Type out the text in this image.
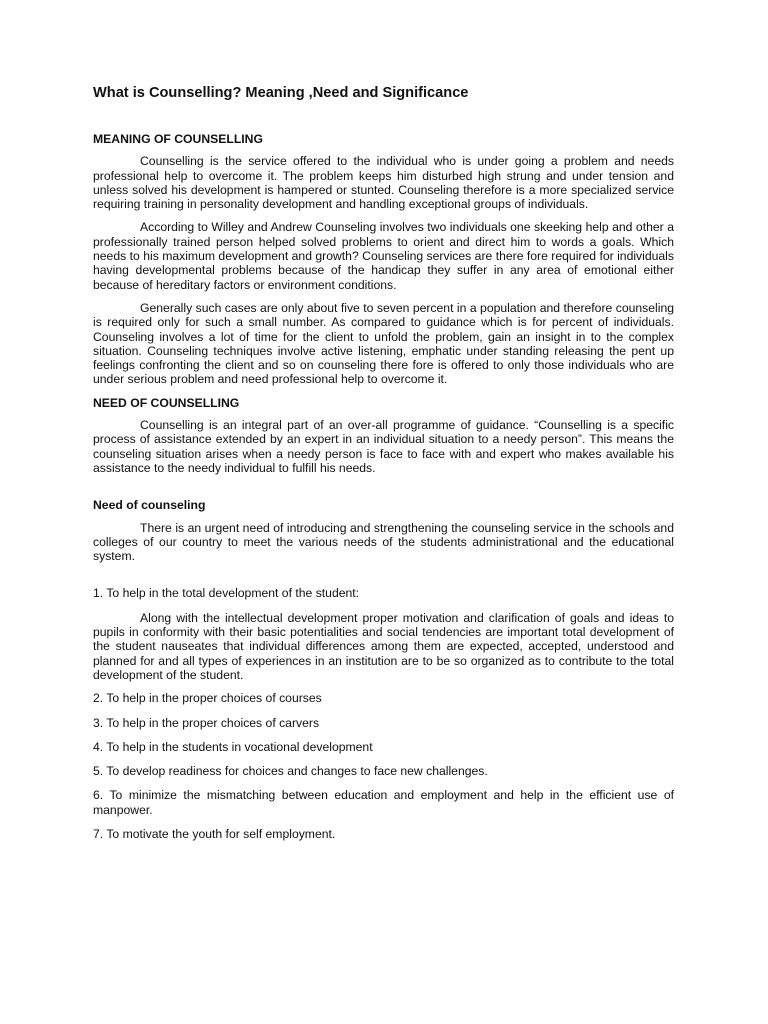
What is Counselling? Meaning ,Need and Significance
MEANING OF COUNSELLING

Counselling is the service offered to the individual who is under going a problem and needs professional help to overcome it. The problem keeps him disturbed high strung and under tension and unless solved his development is hampered or stunted. Counseling therefore is a more specialized service requiring training in personality development and handling exceptional groups of individuals.

According to Willey and Andrew Counseling involves two individuals one skeeking help and other a professionally trained person helped solved problems to orient and direct him to words a goals. Which needs to his maximum development and growth? Counseling services are there fore required for individuals having developmental problems because of the handicap they suffer in any area of emotional either because of hereditary factors or environment conditions.

Generally such cases are only about five to seven percent in a population and therefore counseling is required only for such a small number. As compared to guidance which is for percent of individuals. Counseling involves a lot of time for the client to unfold the problem, gain an insight in to the complex situation. Counseling techniques involve active listening, emphatic under standing releasing the pent up feelings confronting the client and so on counseling there fore is offered to only those individuals who are under serious problem and need professional help to overcome it.

NEED OF COUNSELLING

Counselling is an integral part of an over-all programme of guidance. “Counselling is a specific process of assistance extended by an expert in an individual situation to a needy person”. This means the counseling situation arises when a needy person is face to face with and expert who makes available his assistance to the needy individual to fulfill his needs.

Need of counseling

There is an urgent need of introducing and strengthening the counseling service in the schools and colleges of our country to meet the various needs of the students administrational and the educational system.

1. To help in the total development of the student:

Along with the intellectual development proper motivation and clarification of goals and ideas to pupils in conformity with their basic potentialities and social tendencies are important total development of the student nauseates that individual differences among them are expected, accepted, understood and planned for and all types of experiences in an institution are to be so organized as to contribute to the total development of the student.

2. To help in the proper choices of courses
3. To help in the proper choices of carvers
4. To help in the students in vocational development
5. To develop readiness for choices and changes to face new challenges.
6. To minimize the mismatching between education and employment and help in the efficient use of manpower.
7. To motivate the youth for self employment.
